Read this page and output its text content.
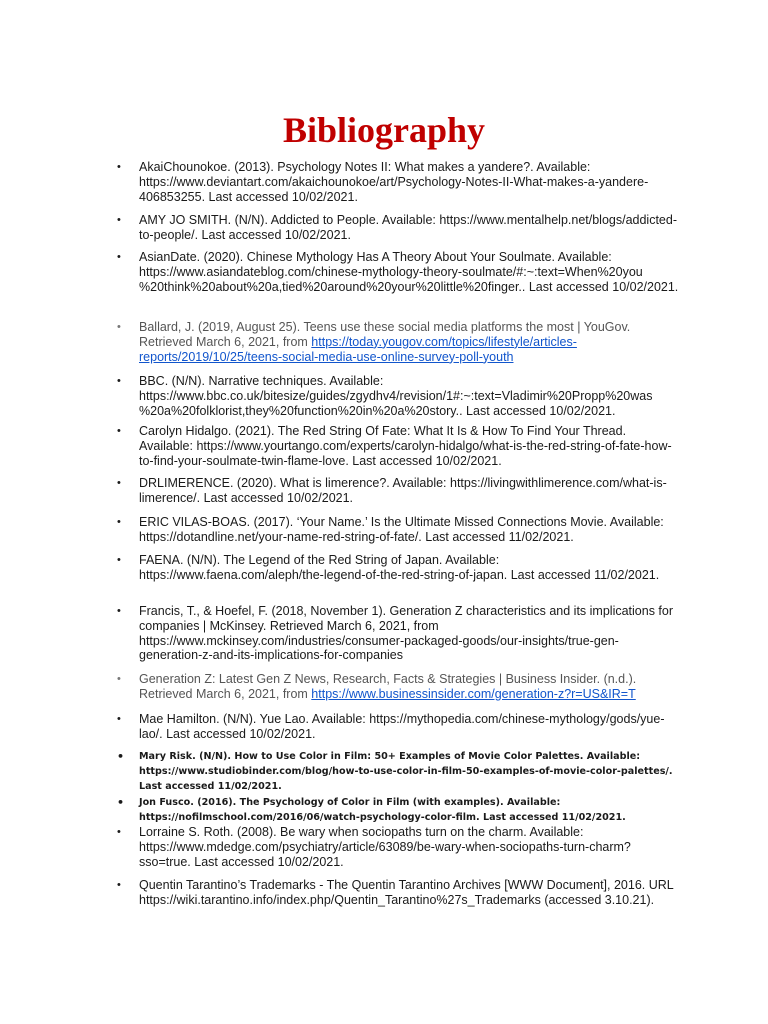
Bibliography
• AkaiChounokoe. (2013). Psychology Notes II: What makes a yandere?. Available: https://www.deviantart.com/akaichounokoe/art/Psychology-Notes-II-What-makes-a-yandere-406853255. Last accessed 10/02/2021.
• AMY JO SMITH. (N/N). Addicted to People. Available: https://www.mentalhelp.net/blogs/addicted-to-people/. Last accessed 10/02/2021.
• AsianDate. (2020). Chinese Mythology Has A Theory About Your Soulmate. Available: https://www.asiandateblog.com/chinese-mythology-theory-soulmate/#:~:text=When%20you %20think%20about%20a,tied%20around%20your%20little%20finger.. Last accessed 10/02/2021.
• Ballard, J. (2019, August 25). Teens use these social media platforms the most | YouGov. Retrieved March 6, 2021, from https://today.yougov.com/topics/lifestyle/articles-reports/2019/10/25/teens-social-media-use-online-survey-poll-youth
• BBC. (N/N). Narrative techniques. Available: https://www.bbc.co.uk/bitesize/guides/zgydhv4/revision/1#:~:text=Vladimir%20Propp%20was %20a%20folklorist,they%20function%20in%20a%20story.. Last accessed 10/02/2021.
• Carolyn Hidalgo. (2021). The Red String Of Fate: What It Is & How To Find Your Thread. Available: https://www.yourtango.com/experts/carolyn-hidalgo/what-is-the-red-string-of-fate-how-to-find-your-soulmate-twin-flame-love. Last accessed 10/02/2021.
• DRLIMERENCE. (2020). What is limerence?. Available: https://livingwithlimerence.com/what-is-limerence/. Last accessed 10/02/2021.
• ERIC VILAS-BOAS. (2017). ‘Your Name.’ Is the Ultimate Missed Connections Movie. Available: https://dotandline.net/your-name-red-string-of-fate/. Last accessed 11/02/2021.
• FAENA. (N/N). The Legend of the Red String of Japan. Available: https://www.faena.com/aleph/the-legend-of-the-red-string-of-japan. Last accessed 11/02/2021.
• Francis, T., & Hoefel, F. (2018, November 1). Generation Z characteristics and its implications for companies | McKinsey. Retrieved March 6, 2021, from https://www.mckinsey.com/industries/consumer-packaged-goods/our-insights/true-gen-generation-z-and-its-implications-for-companies
• Generation Z: Latest Gen Z News, Research, Facts & Strategies | Business Insider. (n.d.). Retrieved March 6, 2021, from https://www.businessinsider.com/generation-z?r=US&IR=T
• Mae Hamilton. (N/N). Yue Lao. Available: https://mythopedia.com/chinese-mythology/gods/yue-lao/. Last accessed 10/02/2021.
• Mary Risk. (N/N). How to Use Color in Film: 50+ Examples of Movie Color Palettes. Available: https://www.studiobinder.com/blog/how-to-use-color-in-film-50-examples-of-movie-color-palettes/. Last accessed 11/02/2021.
• Jon Fusco. (2016). The Psychology of Color in Film (with examples). Available: https://nofilmschool.com/2016/06/watch-psychology-color-film. Last accessed 11/02/2021.
• Lorraine S. Roth. (2008). Be wary when sociopaths turn on the charm. Available: https://www.mdedge.com/psychiatry/article/63089/be-wary-when-sociopaths-turn-charm?sso=true. Last accessed 10/02/2021.
• Quentin Tarantino’s Trademarks - The Quentin Tarantino Archives [WWW Document], 2016. URL https://wiki.tarantino.info/index.php/Quentin_Tarantino%27s_Trademarks (accessed 3.10.21).
